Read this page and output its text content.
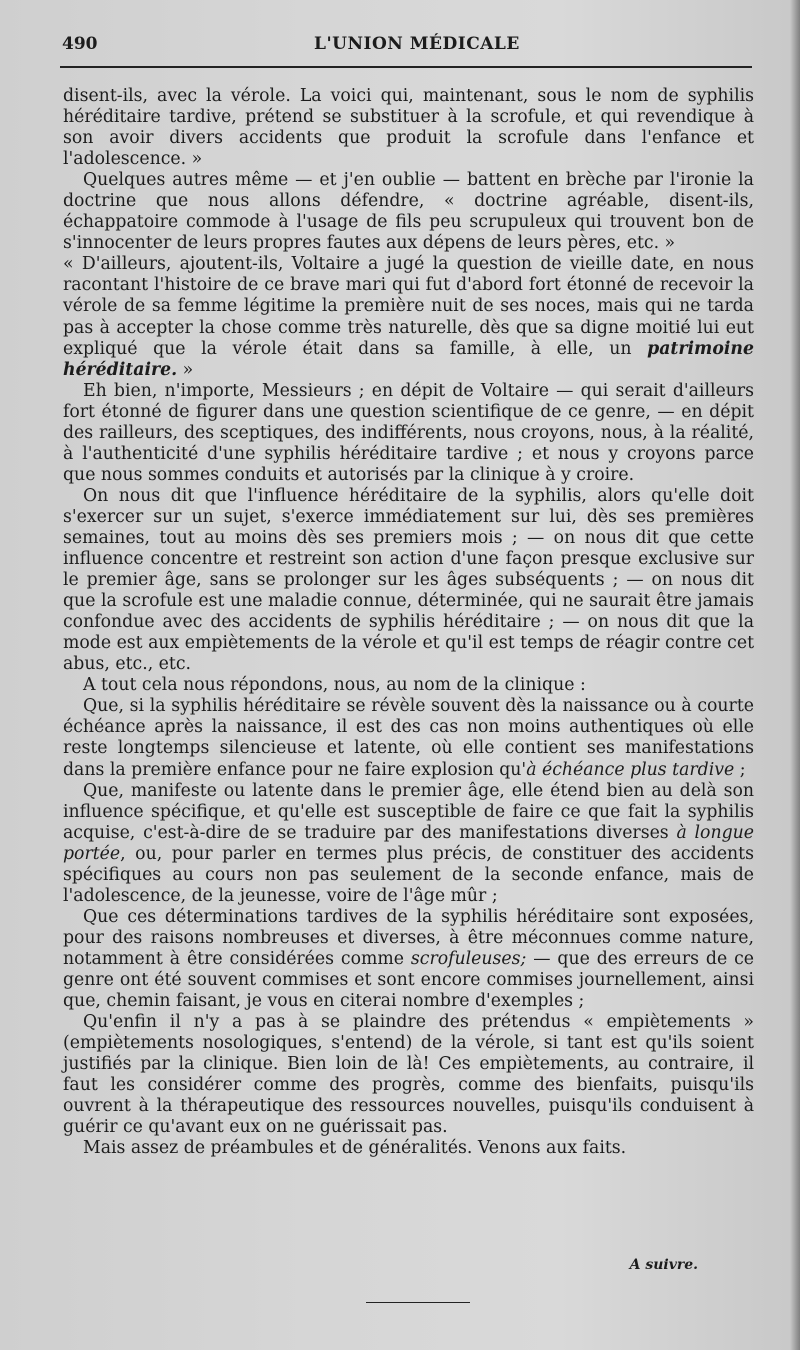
490	L'UNION MÉDICALE

disent-ils, avec la vérole. La voici qui, maintenant, sous le nom de syphilis héréditaire tardive, prétend se substituer à la scrofule, et qui revendique à son avoir divers accidents que produit la scrofule dans l'enfance et l'adolescence. »

Quelques autres même — et j'en oublie — battent en brèche par l'ironie la doctrine que nous allons défendre, « doctrine agréable, disent-ils, échappatoire commode à l'usage de fils peu scrupuleux qui trouvent bon de s'innocenter de leurs propres fautes aux dépens de leurs pères, etc. »

« D'ailleurs, ajoutent-ils, Voltaire a jugé la question de vieille date, en nous racontant l'histoire de ce brave mari qui fut d'abord fort étonné de recevoir la vérole de sa femme légitime la première nuit de ses noces, mais qui ne tarda pas à accepter la chose comme très naturelle, dès que sa digne moitié lui eut expliqué que la vérole était dans sa famille, à elle, un patrimoine héréditaire. »

Eh bien, n'importe, Messieurs ; en dépit de Voltaire — qui serait d'ailleurs fort étonné de figurer dans une question scientifique de ce genre, — en dépit des railleurs, des sceptiques, des indifférents, nous croyons, nous, à la réalité, à l'authenticité d'une syphilis héréditaire tardive ; et nous y croyons parce que nous sommes conduits et autorisés par la clinique à y croire.

On nous dit que l'influence héréditaire de la syphilis, alors qu'elle doit s'exercer sur un sujet, s'exerce immédiatement sur lui, dès ses premières semaines, tout au moins dès ses premiers mois ; — on nous dit que cette influence concentre et restreint son action d'une façon presque exclusive sur le premier âge, sans se prolonger sur les âges subséquents ; — on nous dit que la scrofule est une maladie connue, déterminée, qui ne saurait être jamais confondue avec des accidents de syphilis héréditaire ; — on nous dit que la mode est aux empiètements de la vérole et qu'il est temps de réagir contre cet abus, etc., etc.

A tout cela nous répondons, nous, au nom de la clinique :

Que, si la syphilis héréditaire se révèle souvent dès la naissance ou à courte échéance après la naissance, il est des cas non moins authentiques où elle reste longtemps silencieuse et latente, où elle contient ses manifestations dans la première enfance pour ne faire explosion qu'à échéance plus tardive ;

Que, manifeste ou latente dans le premier âge, elle étend bien au delà son influence spécifique, et qu'elle est susceptible de faire ce que fait la syphilis acquise, c'est-à-dire de se traduire par des manifestations diverses à longue portée, ou, pour parler en termes plus précis, de constituer des accidents spécifiques au cours non pas seulement de la seconde enfance, mais de l'adolescence, de la jeunesse, voire de l'âge mûr ;

Que ces déterminations tardives de la syphilis héréditaire sont exposées, pour des raisons nombreuses et diverses, à être méconnues comme nature, notamment à être considérées comme scrofuleuses; — que des erreurs de ce genre ont été souvent commises et sont encore commises journellement, ainsi que, chemin faisant, je vous en citerai nombre d'exemples ;

Qu'enfin il n'y a pas à se plaindre des prétendus « empiètements » (empiètements nosologiques, s'entend) de la vérole, si tant est qu'ils soient justifiés par la clinique. Bien loin de là! Ces empiètements, au contraire, il faut les considérer comme des progrès, comme des bienfaits, puisqu'ils ouvrent à la thérapeutique des ressources nouvelles, puisqu'ils conduisent à guérir ce qu'avant eux on ne guérissait pas.

Mais assez de préambules et de généralités. Venons aux faits.

A suivre.
